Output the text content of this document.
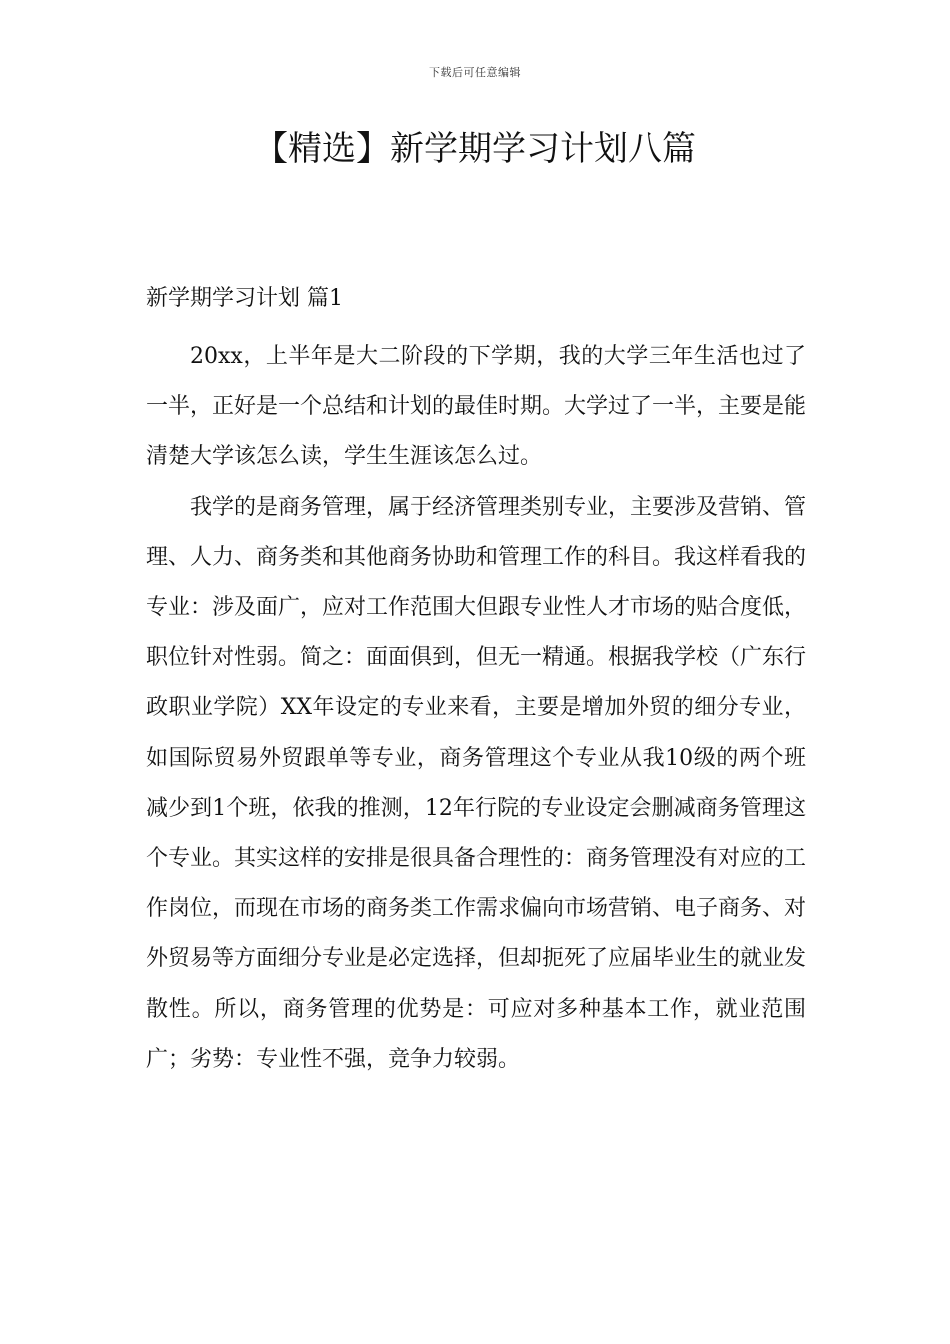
下载后可任意编辑
【精选】新学期学习计划八篇
新学期学习计划 篇1

20xx，上半年是大二阶段的下学期，我的大学三年生活也过了一半，正好是一个总结和计划的最佳时期。大学过了一半，主要是能清楚大学该怎么读，学生生涯该怎么过。

我学的是商务管理，属于经济管理类别专业，主要涉及营销、管理、人力、商务类和其他商务协助和管理工作的科目。我这样看我的专业：涉及面广，应对工作范围大但跟专业性人才市场的贴合度低，职位针对性弱。简之：面面俱到，但无一精通。根据我学校（广东行政职业学院）XX年设定的专业来看，主要是增加外贸的细分专业，如国际贸易外贸跟单等专业，商务管理这个专业从我10级的两个班减少到1个班，依我的推测，12年行院的专业设定会删减商务管理这个专业。其实这样的安排是很具备合理性的：商务管理没有对应的工作岗位，而现在市场的商务类工作需求偏向市场营销、电子商务、对外贸易等方面细分专业是必定选择，但却扼死了应届毕业生的就业发散性。所以，商务管理的优势是：可应对多种基本工作，就业范围广；劣势：专业性不强，竞争力较弱。
